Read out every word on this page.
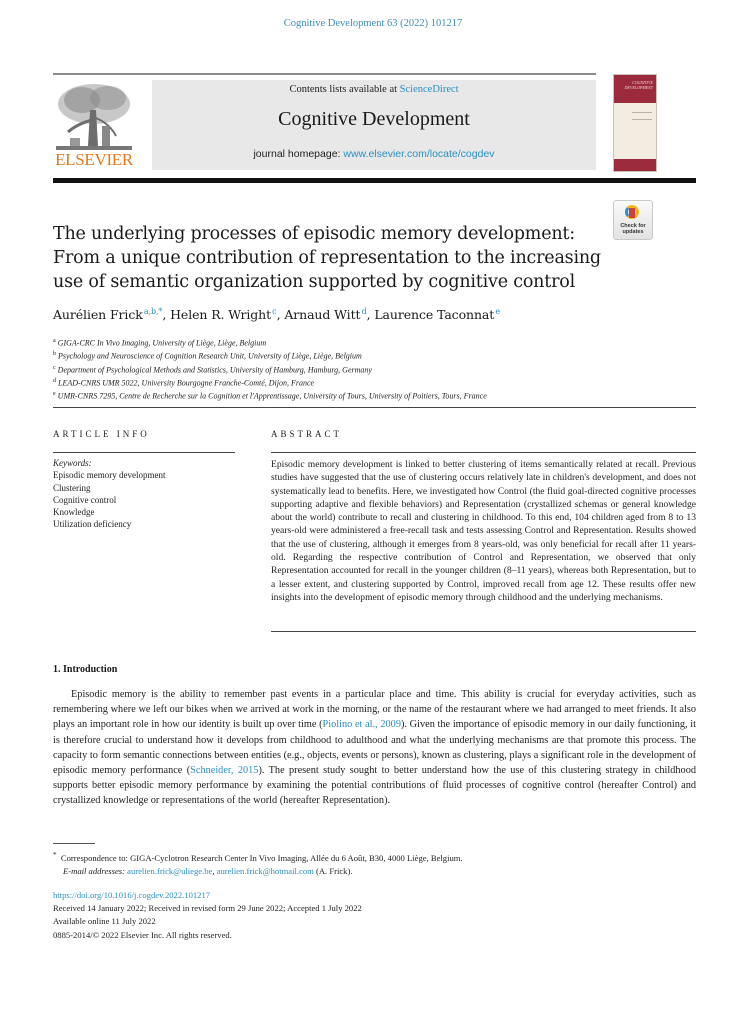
Cognitive Development 63 (2022) 101217
ELSEVIER
Contents lists available at ScienceDirect
Cognitive Development
journal homepage: www.elsevier.com/locate/cogdev
COGNITIVE
DEVELOPMENT
Check for
updates
The underlying processes of episodic memory development: From a unique contribution of representation to the increasing use of semantic organization supported by cognitive control
Aurélien Frick $^{a,b,*}$, Helen R. Wright $^c$, Arnaud Witt $^d$, Laurence Taconnat $^e$
$^a$ GIGA-CRC In Vivo Imaging, University of Liège, Liège, Belgium
$^b$ Psychology and Neuroscience of Cognition Research Unit, University of Liège, Liège, Belgium
$^c$ Department of Psychological Methods and Statistics, University of Hamburg, Hamburg, Germany
$^d$ LEAD-CNRS UMR 5022, University Bourgogne Franche-Comté, Dijon, France
$^e$ UMR-CNRS 7295, Centre de Recherche sur la Cognition et l'Apprentissage, University of Tours, University of Poitiers, Tours, France
ARTICLE INFO	ABSTRACT
Keywords:
Episodic memory development
Clustering
Cognitive control
Knowledge
Utilization deficiency
Episodic memory development is linked to better clustering of items semantically related at recall. Previous studies have suggested that the use of clustering occurs relatively late in children's development, and does not systematically lead to benefits. Here, we investigated how Control (the fluid goal-directed cognitive processes supporting adaptive and flexible behaviors) and Representation (crystallized schemas or general knowledge about the world) contribute to recall and clustering in childhood. To this end, 104 children aged from 8 to 13 years-old were administered a free-recall task and tests assessing Control and Representation. Results showed that the use of clustering, although it emerges from 8 years-old, was only beneficial for recall after 11 years-old. Regarding the respective contribution of Control and Representation, we observed that only Representation accounted for recall in the younger children (8–11 years), whereas both Representation, but to a lesser extent, and clustering supported by Control, improved recall from age 12. These results offer new insights into the development of episodic memory through childhood and the underlying mechanisms.
1. Introduction
Episodic memory is the ability to remember past events in a particular place and time. This ability is crucial for everyday activities, such as remembering where we left our bikes when we arrived at work in the morning, or the name of the restaurant where we had arranged to meet friends. It also plays an important role in how our identity is built up over time (Piolino et al., 2009). Given the importance of episodic memory in our daily functioning, it is therefore crucial to understand how it develops from childhood to adulthood and what the underlying mechanisms are that promote this process. The capacity to form semantic connections between entities (e.g., objects, events or persons), known as clustering, plays a significant role in the development of episodic memory performance (Schneider, 2015). The present study sought to better understand how the use of this clustering strategy in childhood supports better episodic memory performance by examining the potential contributions of fluid processes of cognitive control (hereafter Control) and crystallized knowledge or representations of the world (hereafter Representation).
* Correspondence to: GIGA-Cyclotron Research Center In Vivo Imaging, Allée du 6 Août, B30, 4000 Liège, Belgium.
E-mail addresses: aurelien.frick@uliege.be, aurelien.frick@hotmail.com (A. Frick).
https://doi.org/10.1016/j.cogdev.2022.101217
Received 14 January 2022; Received in revised form 29 June 2022; Accepted 1 July 2022
Available online 11 July 2022
0885-2014/© 2022 Elsevier Inc. All rights reserved.
